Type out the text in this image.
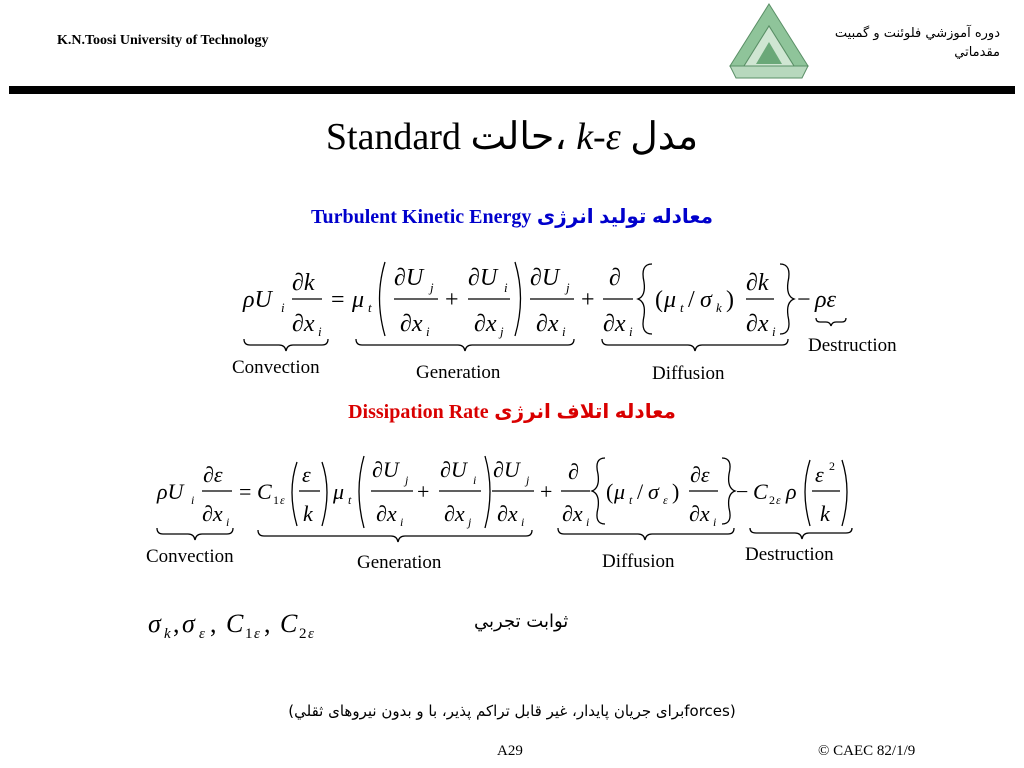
K.N.Toosi University of Technology	دوره آموزشي فلوئنت و گمبيت
مقدماتي
Standard حالت، k-ε مدل
Turbulent Kinetic Energy معادله توليد انرژی
ρU i
∂k
∂x i
= μ t
∂U j
∂x i
+
∂U i
∂x j
∂U j
∂x i
+
∂
∂x i
( μ t / σ k )
∂k
∂x i
− ρε
Convection	Generation	Diffusion
Destruction
Dissipation Rate معادله اتلاف انرژی
ρU i
∂ε
∂x i
= C 1 ε
ε
k
μ t
∂U j
∂x i
+
∂U i
∂x j
∂U j
∂x i
+
∂
∂x i
( μ t / σ ε )
∂ε
∂x i
− C 2 ε ρ
ε 2
k
Convection	Generation	Diffusion	Destruction
σ k , σ ε , C 1 ε , C 2 ε
ثوابت تجربي
(forcesبرای جريان پايدار، غير قابل تراکم پذير، با و بدون نيروهای ثقلي)
A29	© CAEC 82/1/9
